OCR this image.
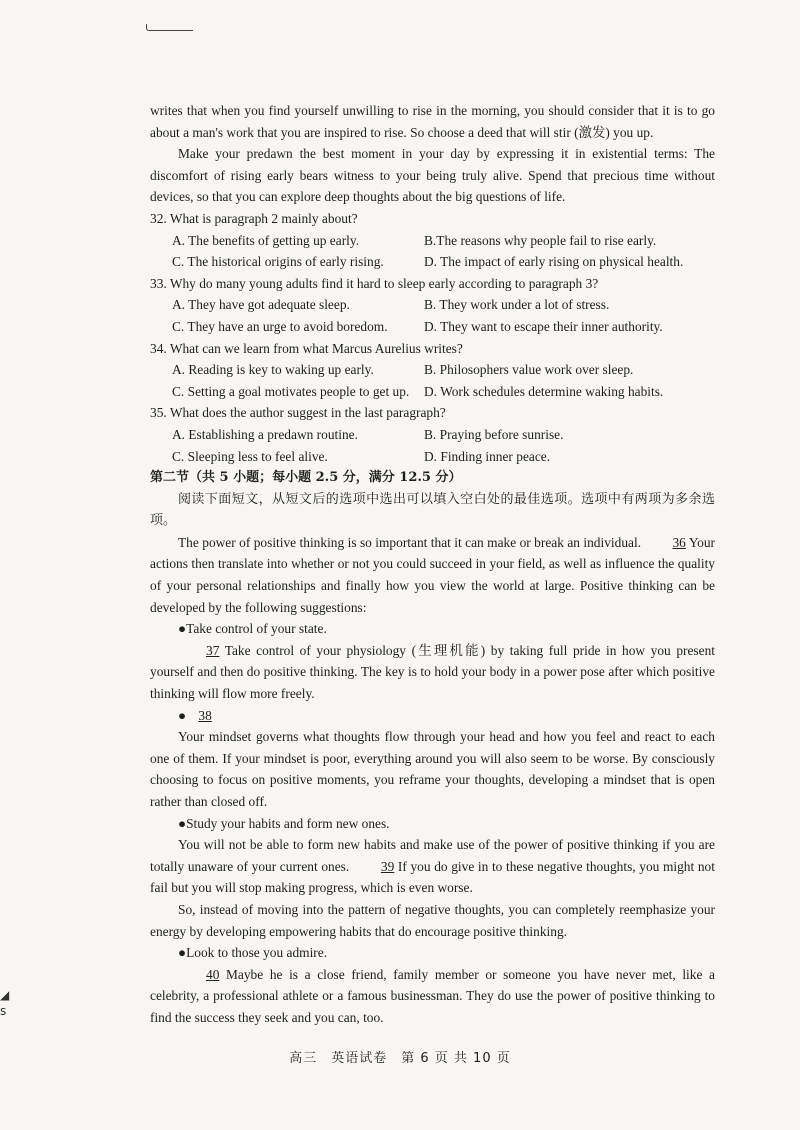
writes that when you find yourself unwilling to rise in the morning, you should consider that it is to go about a man's work that you are inspired to rise. So choose a deed that will stir (激发) you up.

Make your predawn the best moment in your day by expressing it in existential terms: The discomfort of rising early bears witness to your being truly alive. Spend that precious time without devices, so that you can explore deep thoughts about the big questions of life.

32. What is paragraph 2 mainly about?

A. The benefits of getting up early.	B.The reasons why people fail to rise early.
C. The historical origins of early rising.	D. The impact of early rising on physical health.

33. Why do many young adults find it hard to sleep early according to paragraph 3?

A. They have got adequate sleep.	B. They work under a lot of stress.
C. They have an urge to avoid boredom.	D. They want to escape their inner authority.

34. What can we learn from what Marcus Aurelius writes?

A. Reading is key to waking up early.	B. Philosophers value work over sleep.
C. Setting a goal motivates people to get up.	D. Work schedules determine waking habits.

35. What does the author suggest in the last paragraph?

A. Establishing a predawn routine.	B. Praying before sunrise.
C. Sleeping less to feel alive.	D. Finding inner peace.

第二节（共 5 小题；每小题 2.5 分，满分 12.5 分）

阅读下面短文，从短文后的选项中选出可以填入空白处的最佳选项。选项中有两项为多余选项。

The power of positive thinking is so important that it can make or break an individual. 36 Your actions then translate into whether or not you could succeed in your field, as well as influence the quality of your personal relationships and finally how you view the world at large. Positive thinking can be developed by the following suggestions:

●Take control of your state.

37 Take control of your physiology (生理机能) by taking full pride in how you present yourself and then do positive thinking. The key is to hold your body in a power pose after which positive thinking will flow more freely.

● 38

Your mindset governs what thoughts flow through your head and how you feel and react to each one of them. If your mindset is poor, everything around you will also seem to be worse. By consciously choosing to focus on positive moments, you reframe your thoughts, developing a mindset that is open rather than closed off.

●Study your habits and form new ones.

You will not be able to form new habits and make use of the power of positive thinking if you are totally unaware of your current ones. 39 If you do give in to these negative thoughts, you might not fail but you will stop making progress, which is even worse.

So, instead of moving into the pattern of negative thoughts, you can completely reemphasize your energy by developing empowering habits that do encourage positive thinking.

●Look to those you admire.

40 Maybe he is a close friend, family member or someone you have never met, like a celebrity, a professional athlete or a famous businessman. They do use the power of positive thinking to find the success they seek and you can, too.

高三　英语试卷　第 6 页 共 10 页
◢
s
